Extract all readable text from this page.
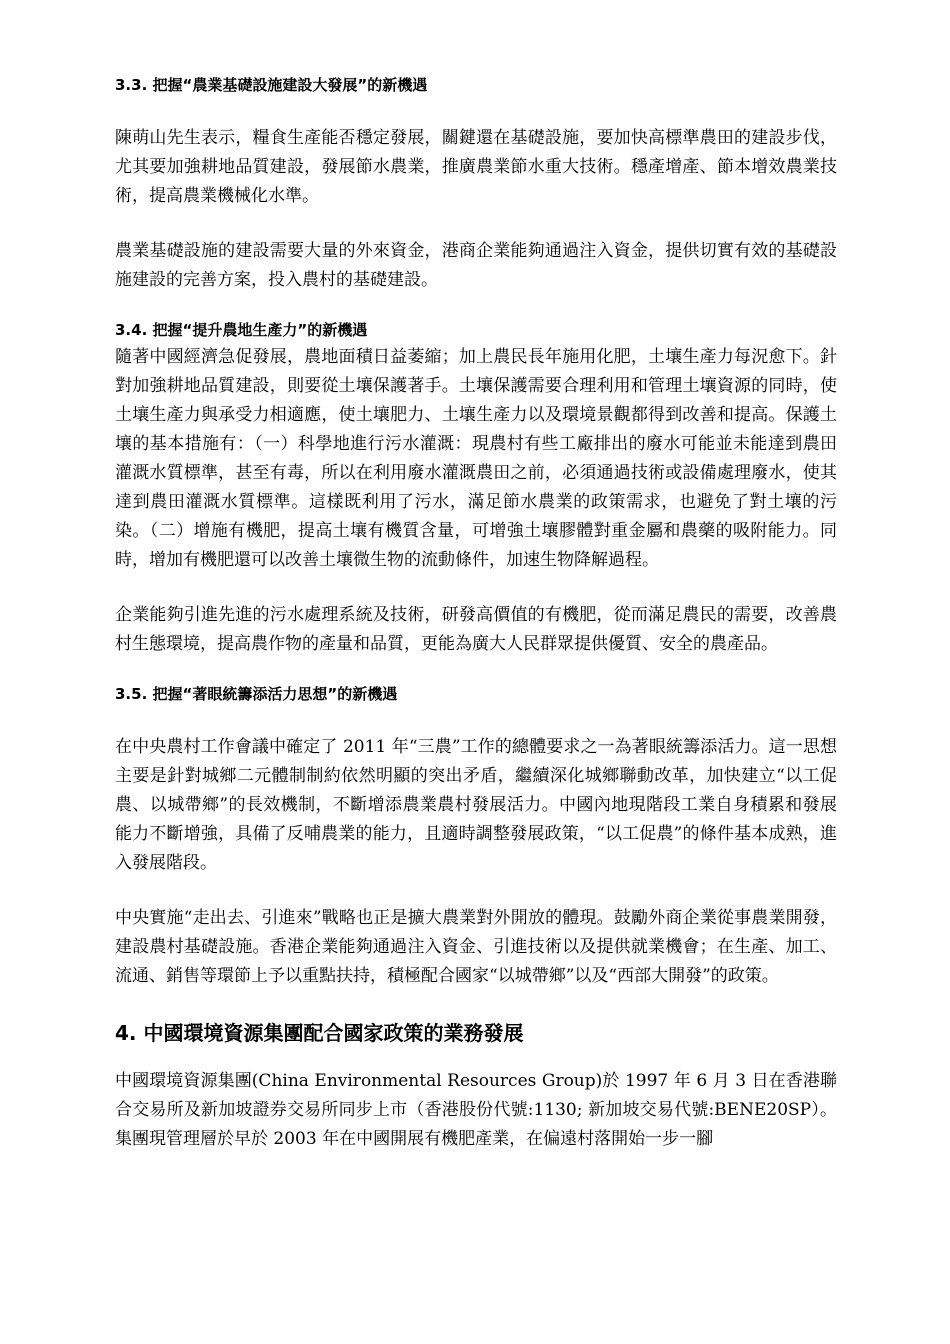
3.3. 把握“農業基礎設施建設大發展”的新機遇

陳萌山先生表示，糧食生產能否穩定發展，關鍵還在基礎設施，要加快高標準農田的建設步伐，尤其要加強耕地品質建設，發展節水農業，推廣農業節水重大技術。穩產增產、節本增效農業技術，提高農業機械化水準。

農業基礎設施的建設需要大量的外來資金，港商企業能夠通過注入資金，提供切實有效的基礎設施建設的完善方案，投入農村的基礎建設。

3.4. 把握“提升農地生產力”的新機遇

隨著中國經濟急促發展，農地面積日益萎縮；加上農民長年施用化肥，土壤生產力每況愈下。針對加強耕地品質建設，則要從土壤保護著手。土壤保護需要合理利用和管理土壤資源的同時，使土壤生產力與承受力相適應，使土壤肥力、土壤生產力以及環境景觀都得到改善和提高。保護土壤的基本措施有：（一）科學地進行污水灌溉：現農村有些工廠排出的廢水可能並未能達到農田灌溉水質標準，甚至有毒，所以在利用廢水灌溉農田之前，必須通過技術或設備處理廢水，使其達到農田灌溉水質標準。這樣既利用了污水，滿足節水農業的政策需求，也避免了對土壤的污染。（二）增施有機肥，提高土壤有機質含量，可增強土壤膠體對重金屬和農藥的吸附能力。同時，增加有機肥還可以改善土壤微生物的流動條件，加速生物降解過程。

企業能夠引進先進的污水處理系統及技術，研發高價值的有機肥，從而滿足農民的需要，改善農村生態環境，提高農作物的產量和品質，更能為廣大人民群眾提供優質、安全的農產品。

3.5. 把握“著眼統籌添活力思想”的新機遇

在中央農村工作會議中確定了 2011 年“三農”工作的總體要求之一為著眼統籌添活力。這一思想主要是針對城鄉二元體制制約依然明顯的突出矛盾，繼續深化城鄉聯動改革，加快建立“以工促農、以城帶鄉”的長效機制，不斷增添農業農村發展活力。中國內地現階段工業自身積累和發展能力不斷增強，具備了反哺農業的能力，且適時調整發展政策，“以工促農”的條件基本成熟，進入發展階段。

中央實施“走出去、引進來”戰略也正是擴大農業對外開放的體現。鼓勵外商企業從事農業開發，建設農村基礎設施。香港企業能夠通過注入資金、引進技術以及提供就業機會；在生產、加工、流通、銷售等環節上予以重點扶持，積極配合國家“以城帶鄉”以及“西部大開發”的政策。

4. 中國環境資源集團配合國家政策的業務發展

中國環境資源集團(China Environmental Resources Group)於 1997 年 6 月 3 日在香港聯合交易所及新加坡證券交易所同步上市（香港股份代號:1130; 新加坡交易代號:BENE20SP）。集團現管理層於早於 2003 年在中國開展有機肥產業，在偏遠村落開始一步一腳
